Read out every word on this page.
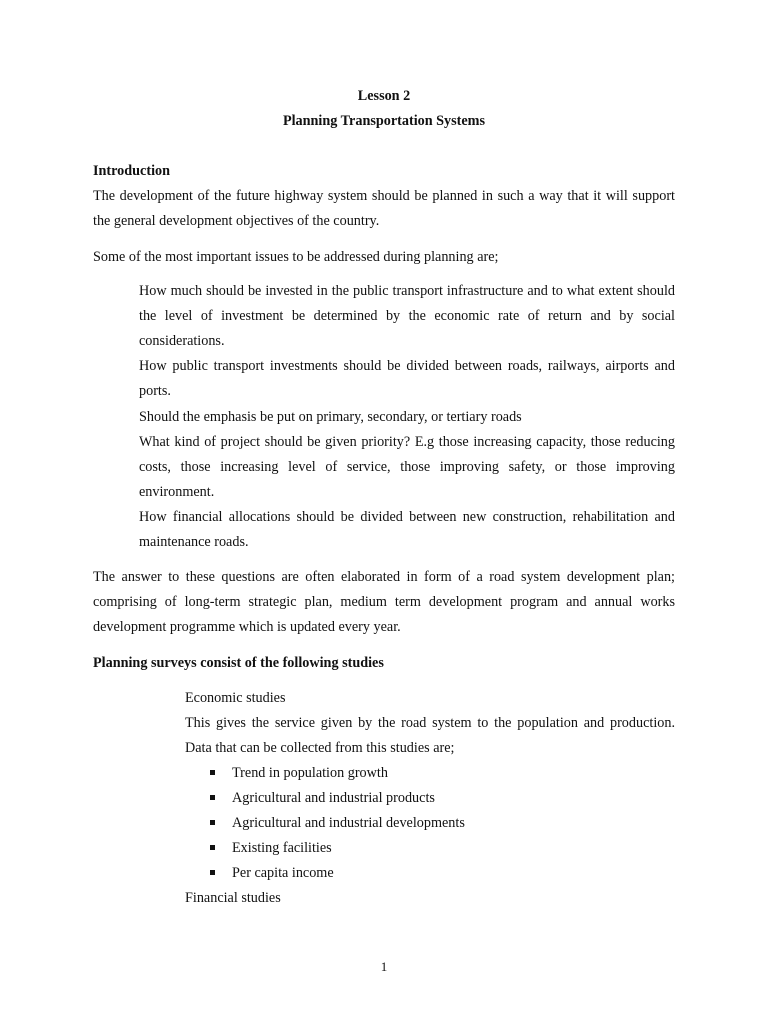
Lesson 2

Planning Transportation Systems

Introduction

The development of the future highway system should be planned in such a way that it will support the general development objectives of the country.

Some of the most important issues to be addressed during planning are;

How much should be invested in the public transport infrastructure and to what extent should the level of investment be determined by the economic rate of return and by social considerations.

How public transport investments should be divided between roads, railways, airports and ports.

Should the emphasis be put on primary, secondary, or tertiary roads

What kind of project should be given priority? E.g those increasing capacity, those reducing costs, those increasing level of service, those improving safety, or those improving environment.

How financial allocations should be divided between new construction, rehabilitation and maintenance roads.

The answer to these questions are often elaborated in form of a road system development plan; comprising of long-term strategic plan, medium term development program and annual works development programme which is updated every year.

Planning surveys consist of the following studies

Economic studies

This gives the service given by the road system to the population and production. Data that can be collected from this studies are;

Trend in population growth
Agricultural and industrial products
Agricultural and industrial developments
Existing facilities
Per capita income

Financial studies

1
